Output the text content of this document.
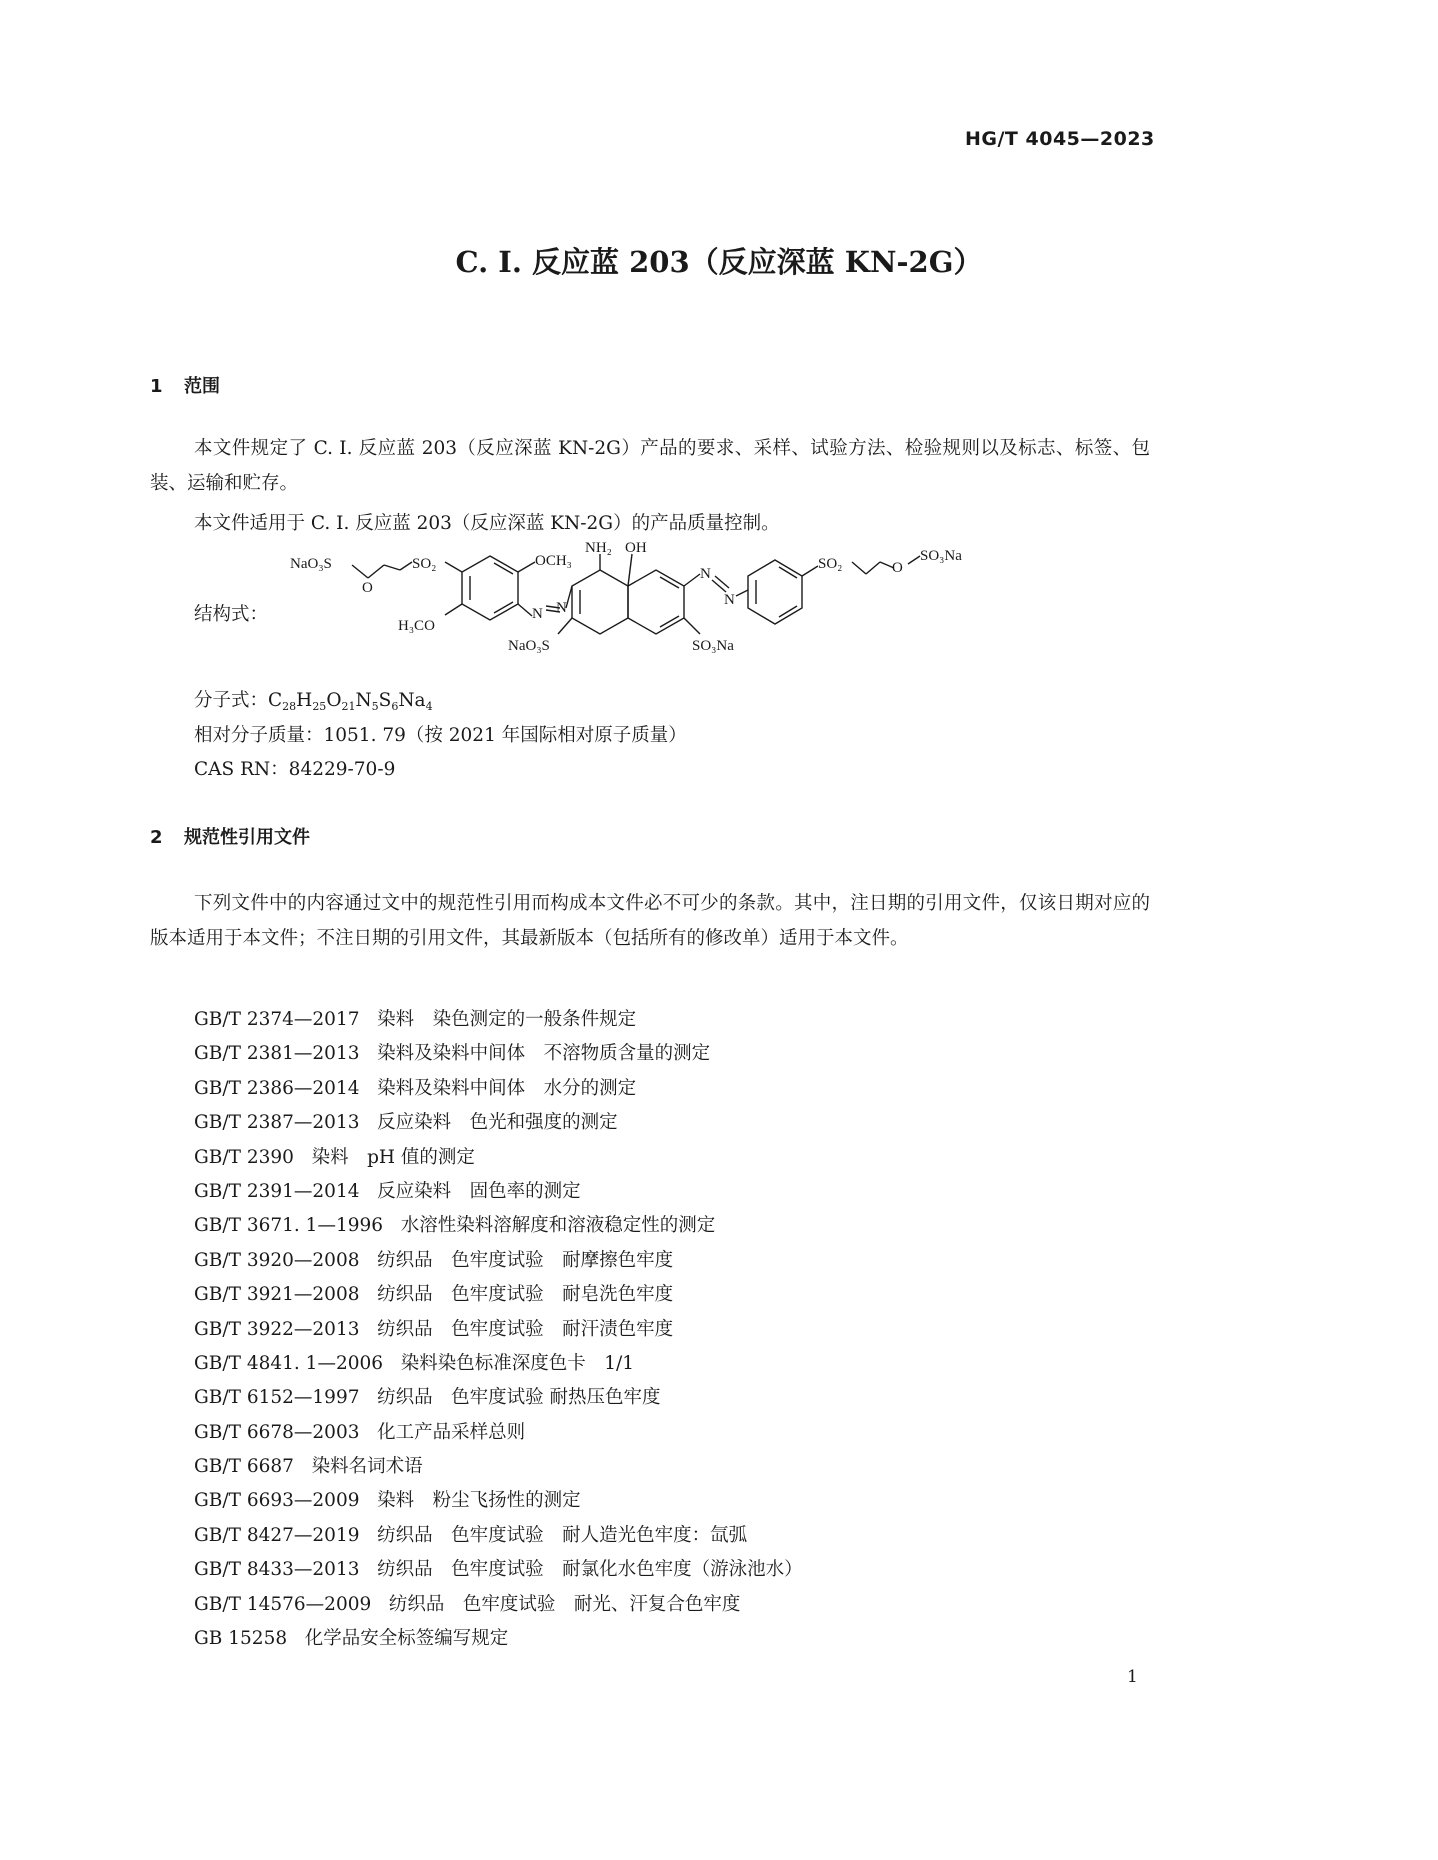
HG/T 4045—2023
C. I. 反应蓝 203（反应深蓝 KN-2G）
1 范围
本文件规定了 C. I. 反应蓝 203（反应深蓝 KN-2G）产品的要求、采样、试验方法、检验规则以及标志、标签、包装、运输和贮存。
本文件适用于 C. I. 反应蓝 203（反应深蓝 KN-2G）的产品质量控制。
结构式：
NaO₃S
O
SO₂	OCH₃
H₃CO
N N
NH₂ OH
NaO₃S	SO₃Na
N
N
SO₂	O
SO₃Na
分子式：$C_{28}H_{25}O_{21}N_5S_6Na_4$
相对分子质量：1051. 79（按 2021 年国际相对原子质量）
CAS RN：84229-70-9
2 规范性引用文件
下列文件中的内容通过文中的规范性引用而构成本文件必不可少的条款。其中，注日期的引用文件，仅该日期对应的版本适用于本文件；不注日期的引用文件，其最新版本（包括所有的修改单）适用于本文件。
GB/T 2374—2017 染料　染色测定的一般条件规定
GB/T 2381—2013 染料及染料中间体　不溶物质含量的测定
GB/T 2386—2014 染料及染料中间体　水分的测定
GB/T 2387—2013 反应染料　色光和强度的测定
GB/T 2390 染料　pH 值的测定
GB/T 2391—2014 反应染料　固色率的测定
GB/T 3671. 1—1996 水溶性染料溶解度和溶液稳定性的测定
GB/T 3920—2008 纺织品　色牢度试验　耐摩擦色牢度
GB/T 3921—2008 纺织品　色牢度试验　耐皂洗色牢度
GB/T 3922—2013 纺织品　色牢度试验　耐汗渍色牢度
GB/T 4841. 1—2006 染料染色标准深度色卡　1/1
GB/T 6152—1997 纺织品　色牢度试验 耐热压色牢度
GB/T 6678—2003 化工产品采样总则
GB/T 6687 染料名词术语
GB/T 6693—2009 染料　粉尘飞扬性的测定
GB/T 8427—2019 纺织品　色牢度试验　耐人造光色牢度：氙弧
GB/T 8433—2013 纺织品　色牢度试验　耐氯化水色牢度（游泳池水）
GB/T 14576—2009 纺织品　色牢度试验　耐光、汗复合色牢度
GB 15258 化学品安全标签编写规定
1
